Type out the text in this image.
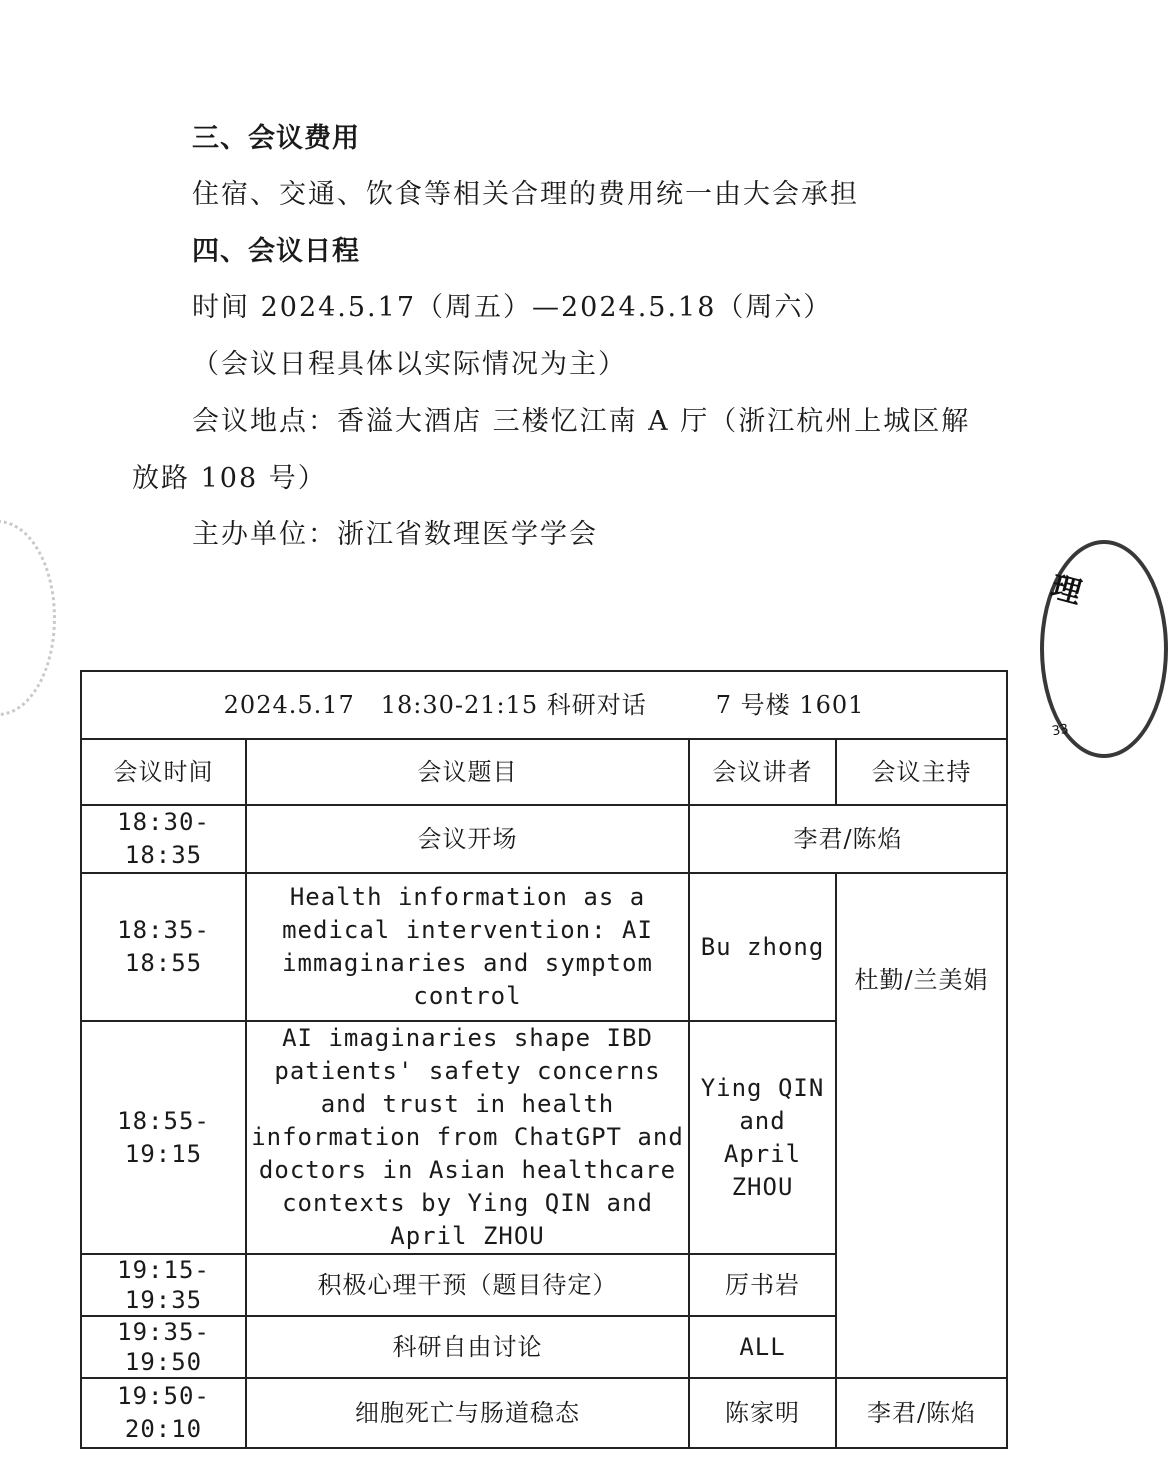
三、会议费用
住宿、交通、饮食等相关合理的费用统一由大会承担
四、会议日程
时间 2024.5.17（周五）—2024.5.18（周六）
（会议日程具体以实际情况为主）
会议地点：香溢大酒店 三楼忆江南 A 厅（浙江杭州上城区解
放路 108 号）
主办单位：浙江省数理医学学会
理
33
2024.5.17   18:30-21:15 科研对话        7 号楼 1601			
会议时间	会议题目	会议讲者	会议主持
18:30-18:35	会议开场	李君/陈焰	
18:35-18:55	Health information as a medical intervention: AI immaginaries and symptom control	Bu zhong	杜勤/兰美娟
18:55-19:15	AI imaginaries shape IBD patients' safety concerns and trust in health information from ChatGPT and doctors in Asian healthcare contexts by Ying QIN and April ZHOU	Ying QIN and April ZHOU	
19:15-19:35	积极心理干预（题目待定）	厉书岩	
19:35-19:50	科研自由讨论	ALL	
19:50-20:10	细胞死亡与肠道稳态	陈家明	李君/陈焰
